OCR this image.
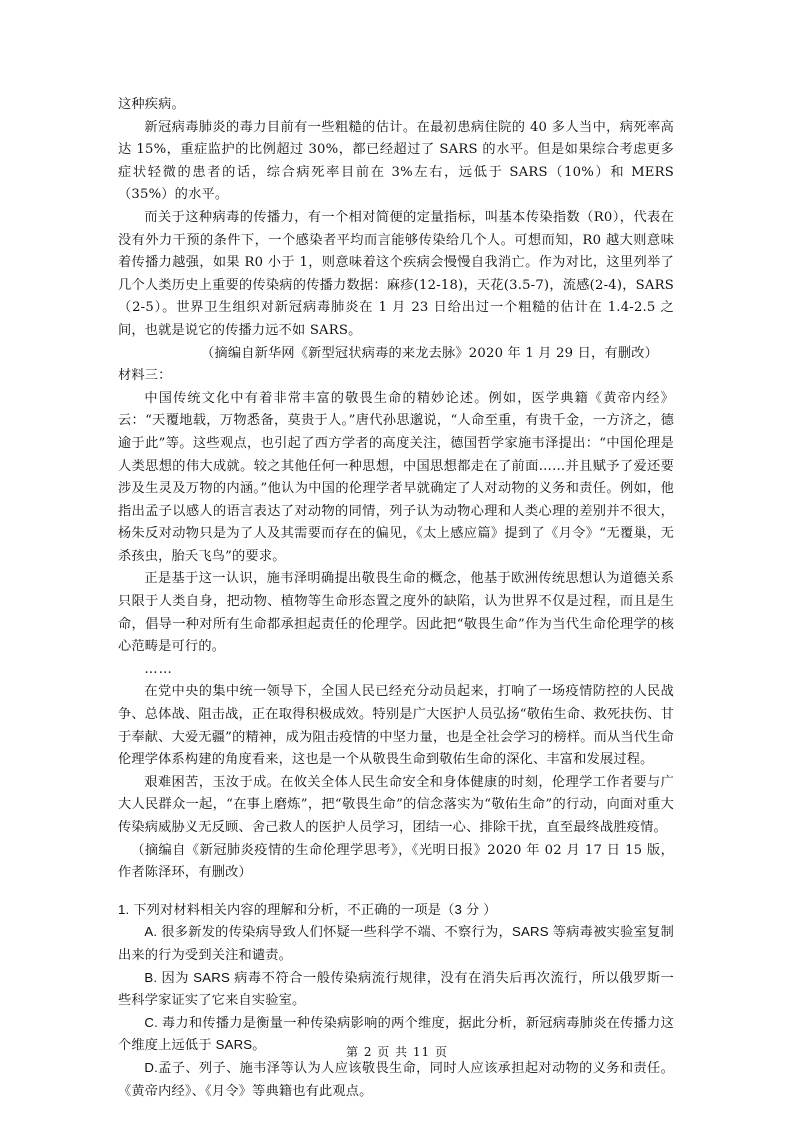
这种疾病。

新冠病毒肺炎的毒力目前有一些粗糙的估计。在最初患病住院的 40 多人当中，病死率高达 15%，重症监护的比例超过 30%，都已经超过了 SARS 的水平。但是如果综合考虑更多症状轻微的患者的话，综合病死率目前在 3%左右，远低于 SARS（10%）和 MERS（35%）的水平。

而关于这种病毒的传播力，有一个相对简便的定量指标，叫基本传染指数（R0），代表在没有外力干预的条件下，一个感染者平均而言能够传染给几个人。可想而知，R0 越大则意味着传播力越强，如果 R0 小于 1，则意味着这个疾病会慢慢自我消亡。作为对比，这里列举了几个人类历史上重要的传染病的传播力数据：麻疹(12-18)，天花(3.5-7)，流感(2-4)，SARS（2-5）。世界卫生组织对新冠病毒肺炎在 1 月 23 日给出过一个粗糙的估计在 1.4-2.5 之间，也就是说它的传播力远不如 SARS。

（摘编自新华网《新型冠状病毒的来龙去脉》2020 年 1 月 29 日，有删改）

材料三：

中国传统文化中有着非常丰富的敬畏生命的精妙论述。例如，医学典籍《黄帝内经》云：“天覆地载，万物悉备，莫贵于人。”唐代孙思邈说，“人命至重，有贵千金，一方济之，德逾于此”等。这些观点，也引起了西方学者的高度关注，德国哲学家施韦泽提出：“中国伦理是人类思想的伟大成就。较之其他任何一种思想，中国思想都走在了前面……并且赋予了爱还要涉及生灵及万物的内涵。”他认为中国的伦理学者早就确定了人对动物的义务和责任。例如，他指出孟子以感人的语言表达了对动物的同情，列子认为动物心理和人类心理的差别并不很大，杨朱反对动物只是为了人及其需要而存在的偏见，《太上感应篇》提到了《月令》“无覆巢，无杀孩虫，胎夭飞鸟”的要求。

正是基于这一认识，施韦泽明确提出敬畏生命的概念，他基于欧洲传统思想认为道德关系只限于人类自身，把动物、植物等生命形态置之度外的缺陷，认为世界不仅是过程，而且是生命，倡导一种对所有生命都承担起责任的伦理学。因此把“敬畏生命”作为当代生命伦理学的核心范畴是可行的。

……

在党中央的集中统一领导下，全国人民已经充分动员起来，打响了一场疫情防控的人民战争、总体战、阻击战，正在取得积极成效。特别是广大医护人员弘扬“敬佑生命、救死扶伤、甘于奉献、大爱无疆”的精神，成为阻击疫情的中坚力量，也是全社会学习的榜样。而从当代生命伦理学体系构建的角度看来，这也是一个从敬畏生命到敬佑生命的深化、丰富和发展过程。

艰难困苦，玉汝于成。在攸关全体人民生命安全和身体健康的时刻，伦理学工作者要与广大人民群众一起，“在事上磨炼”，把“敬畏生命”的信念落实为“敬佑生命”的行动，向面对重大传染病威胁义无反顾、舍己救人的医护人员学习，团结一心、排除干扰，直至最终战胜疫情。

（摘编自《新冠肺炎疫情的生命伦理学思考》，《光明日报》2020 年 02 月 17 日 15 版，作者陈泽环，有删改）

1. 下列对材料相关内容的理解和分析，不正确的一项是（3 分 ）

A. 很多新发的传染病导致人们怀疑一些科学不端、不察行为，SARS 等病毒被实验室复制出来的行为受到关注和谴责。

B. 因为 SARS 病毒不符合一般传染病流行规律，没有在消失后再次流行，所以俄罗斯一些科学家证实了它来自实验室。

C. 毒力和传播力是衡量一种传染病影响的两个维度，据此分析，新冠病毒肺炎在传播力这个维度上远低于 SARS。

D.孟子、列子、施韦泽等认为人应该敬畏生命，同时人应该承担起对动物的义务和责任。《黄帝内经》、《月令》等典籍也有此观点。

第 2 页 共 11 页
